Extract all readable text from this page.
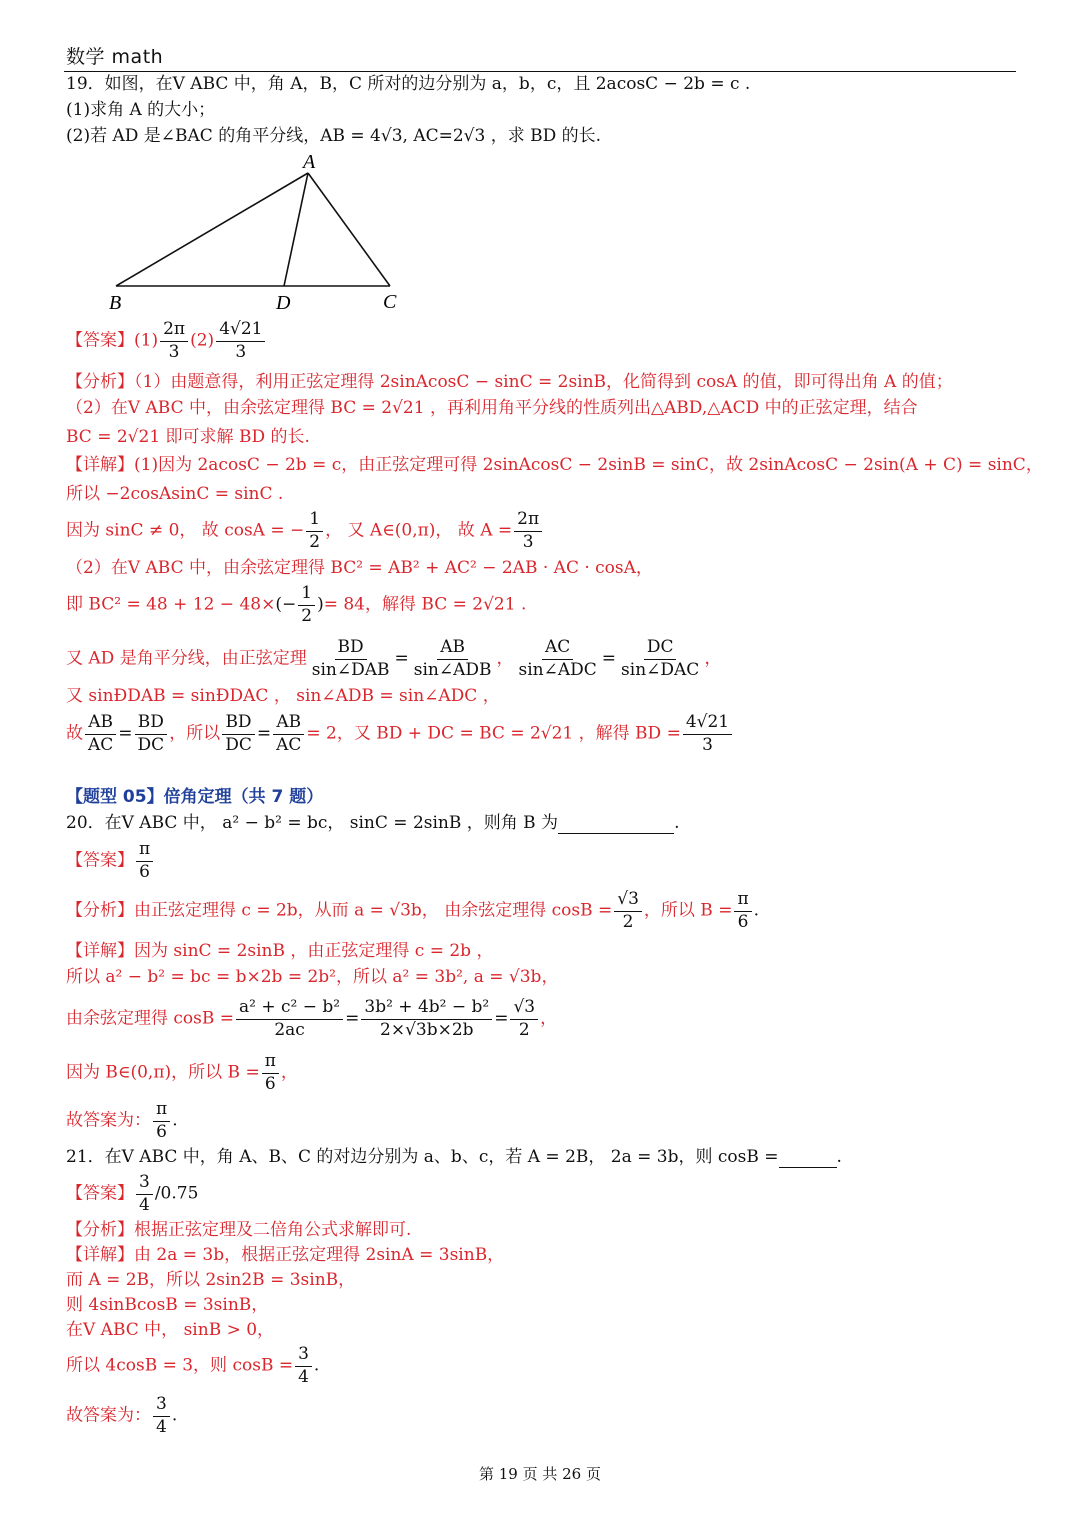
数学 math
19．如图，在V ABC 中，角 A，B，C 所对的边分别为 a，b，c，且 2acosC − 2b = c .
(1)求角 A 的大小；
(2)若 AD 是∠BAC 的角平分线，AB = 4√3, AC=2√3 ，求 BD 的长.
A
B	D	C
【答案】$(1) \frac{2\pi}{3} (2) \frac{4√21}{3}$
【分析】（1）由题意得，利用正弦定理得 2sinAcosC − sinC = 2sinB，化简得到 cosA 的值，即可得出角 A 的值；
（2）在V ABC 中，由余弦定理得 BC = 2√21 ，再利用角平分线的性质列出△ABD,△ACD 中的正弦定理，结合
BC = 2√21 即可求解 BD 的长.
【详解】(1)因为 2acosC − 2b = c，由正弦定理可得 2sinAcosC − 2sinB = sinC，故 2sinAcosC − 2sin(A + C) = sinC，
所以 −2cosAsinC = sinC .
因为 sinC ≠ 0， 故 cosA = − $\frac{1}{2}$ ， 又 A∈(0,π)， 故 $A = \frac{2\pi}{3}$
（2）在V ABC 中，由余弦定理得 BC² = AB² + AC² − 2AB · AC · cosA，
即 $BC^2 = 48 + 12 - 48\times(- \frac{1}{2}$ )= 84，解得 BC = 2√21 .
又 AD 是角平分线，由正弦定理 $\frac{BD}{\text{sin∠DAB}} = \frac{AB}{\text{sin∠ADB}}$ ， $\frac{AC}{\text{sin∠ADC}} = \frac{DC}{\text{sin∠DAC}}$ ，
又 sinÐDAB = sinÐDAC ， sin∠ADB = sin∠ADC ，
故 $\frac{AB}{AC} = \frac{BD}{DC}$ ，所以 $\frac{BD}{DC} = \frac{AB}{AC} = 2$，又 BD + DC = BC = 2√21 ，解得 BD = $\frac{4√21}{3}$
【题型 05】倍角定理（共 7 题）
20．在V ABC 中， a² − b² = bc， sinC = 2sinB ，则角 B 为	.
【答案】 $\frac{\pi}{6}$
【分析】由正弦定理得 c = 2b，从而 a = √3b， 由余弦定理得 $\cos B = \frac{√3}{2}$ ，所以 $B = \frac{\pi}{6}$ .
【详解】因为 sinC = 2sinB ，由正弦定理得 c = 2b ，
所以 a² − b² = bc = b×2b = 2b²，所以 a² = 3b², a = √3b，
由余弦定理得 $\cos B = \frac{\text{a² + c² − b²}}{2ac} = \frac{\text{3b² + 4b² − b²}}{2\times√3b\times 2b} = \frac{√3}{2}$ ，
因为 B∈(0,π)，所以 $B = \frac{\pi}{6}$ ，
故答案为： $\frac{\pi}{6}$ .
21．在V ABC 中，角 A、B、C 的对边分别为 a、b、c，若 A = 2B， 2a = 3b，则 cosB =	.
【答案】 $\frac{3}{4} /0.75$
【分析】根据正弦定理及二倍角公式求解即可.
【详解】由 2a = 3b，根据正弦定理得 2sinA = 3sinB，
而 A = 2B，所以 2sin2B = 3sinB，
则 4sinBcosB = 3sinB，
在V ABC 中， sinB > 0，
所以 4cosB = 3，则 $\cos B = \frac{3}{4}$ .
故答案为： $\frac{3}{4}$ .
第 19 页 共 26 页
